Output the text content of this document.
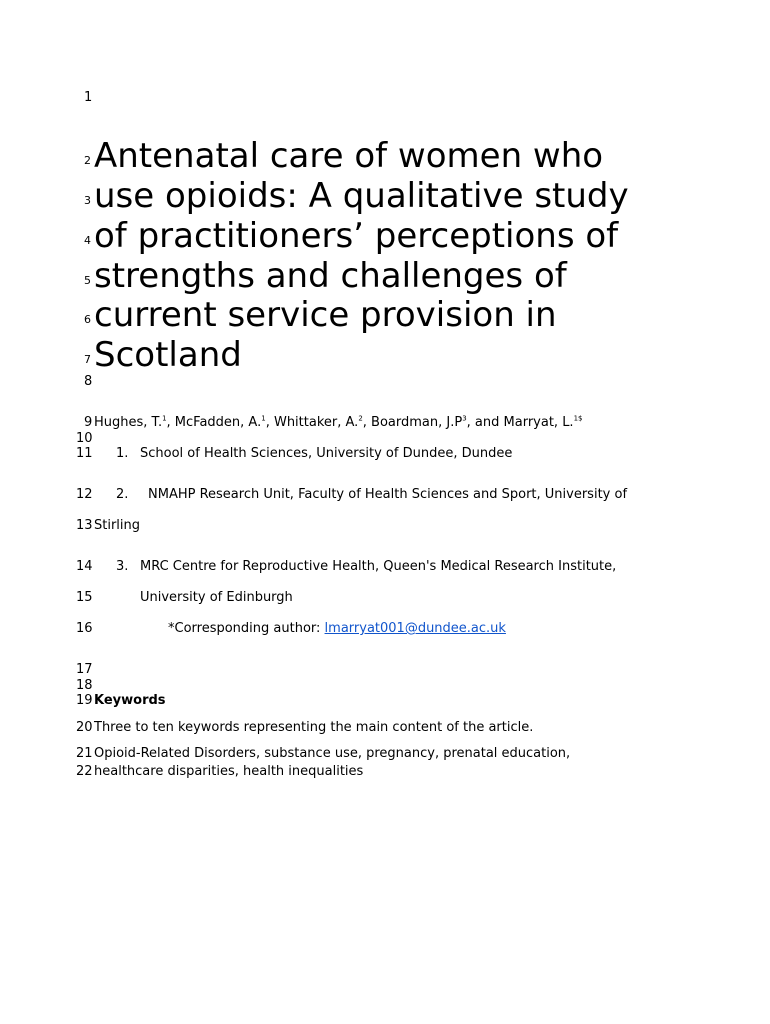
1
2
3
4
5
6
7
8
9
10
11
12
13
14
15
16
17
18
19
20
21
22
Antenatal care of women who
use opioids: A qualitative study
of practitioners’ perceptions of
strengths and challenges of
current service provision in
Scotland
Hughes, T.$^1$, McFadden, A.$^1$, Whittaker, A.$^2$, Boardman, $J.P^3$, and Marryat, L.$^{1\$}$
1. School of Health Sciences, University of Dundee, Dundee
2. NMAHP Research Unit, Faculty of Health Sciences and Sport, University of
Stirling
3. MRC Centre for Reproductive Health, Queen's Medical Research Institute,
University of Edinburgh
*Corresponding author: lmarryat001@dundee.ac.uk
Keywords
Three to ten keywords representing the main content of the article.
Opioid-Related Disorders, substance use, pregnancy, prenatal education,
healthcare disparities, health inequalities
